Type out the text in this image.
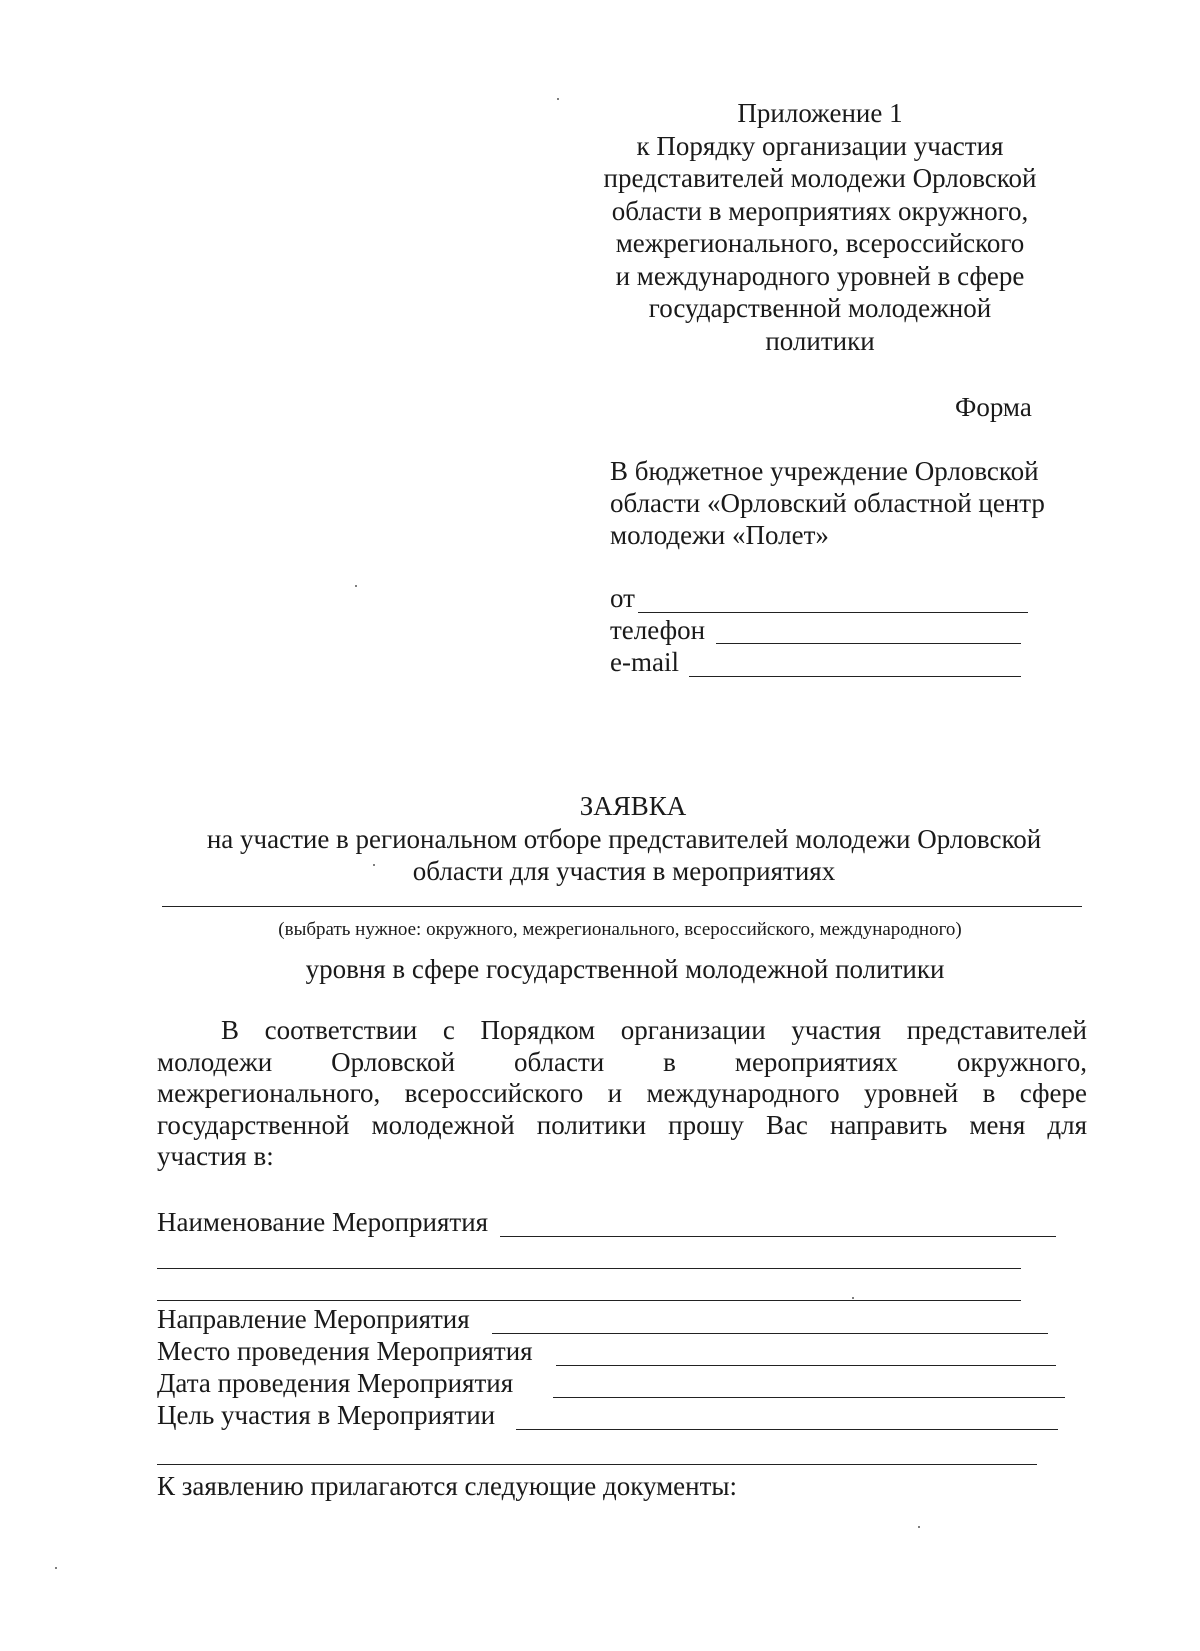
Приложение 1
к Порядку организации участия
представителей молодежи Орловской
области в мероприятиях окружного,
межрегионального, всероссийского
и международного уровней в сфере
государственной молодежной
политики
Форма
В бюджетное учреждение Орловской
области «Орловский областной центр
молодежи «Полет»
от
телефон
e-mail
ЗАЯВКА
на участие в региональном отборе представителей молодежи Орловской
области для участия в мероприятиях
(выбрать нужное: окружного, межрегионального, всероссийского, международного)
уровня в сфере государственной молодежной политики
В соответствии с Порядком организации участия представителей
молодежи Орловской области в мероприятиях окружного,
межрегионального, всероссийского и международного уровней в сфере
государственной молодежной политики прошу Вас направить меня для
участия в:
Наименование Мероприятия
Направление Мероприятия
Место проведения Мероприятия
Дата проведения Мероприятия
Цель участия в Мероприятии
К заявлению прилагаются следующие документы:
